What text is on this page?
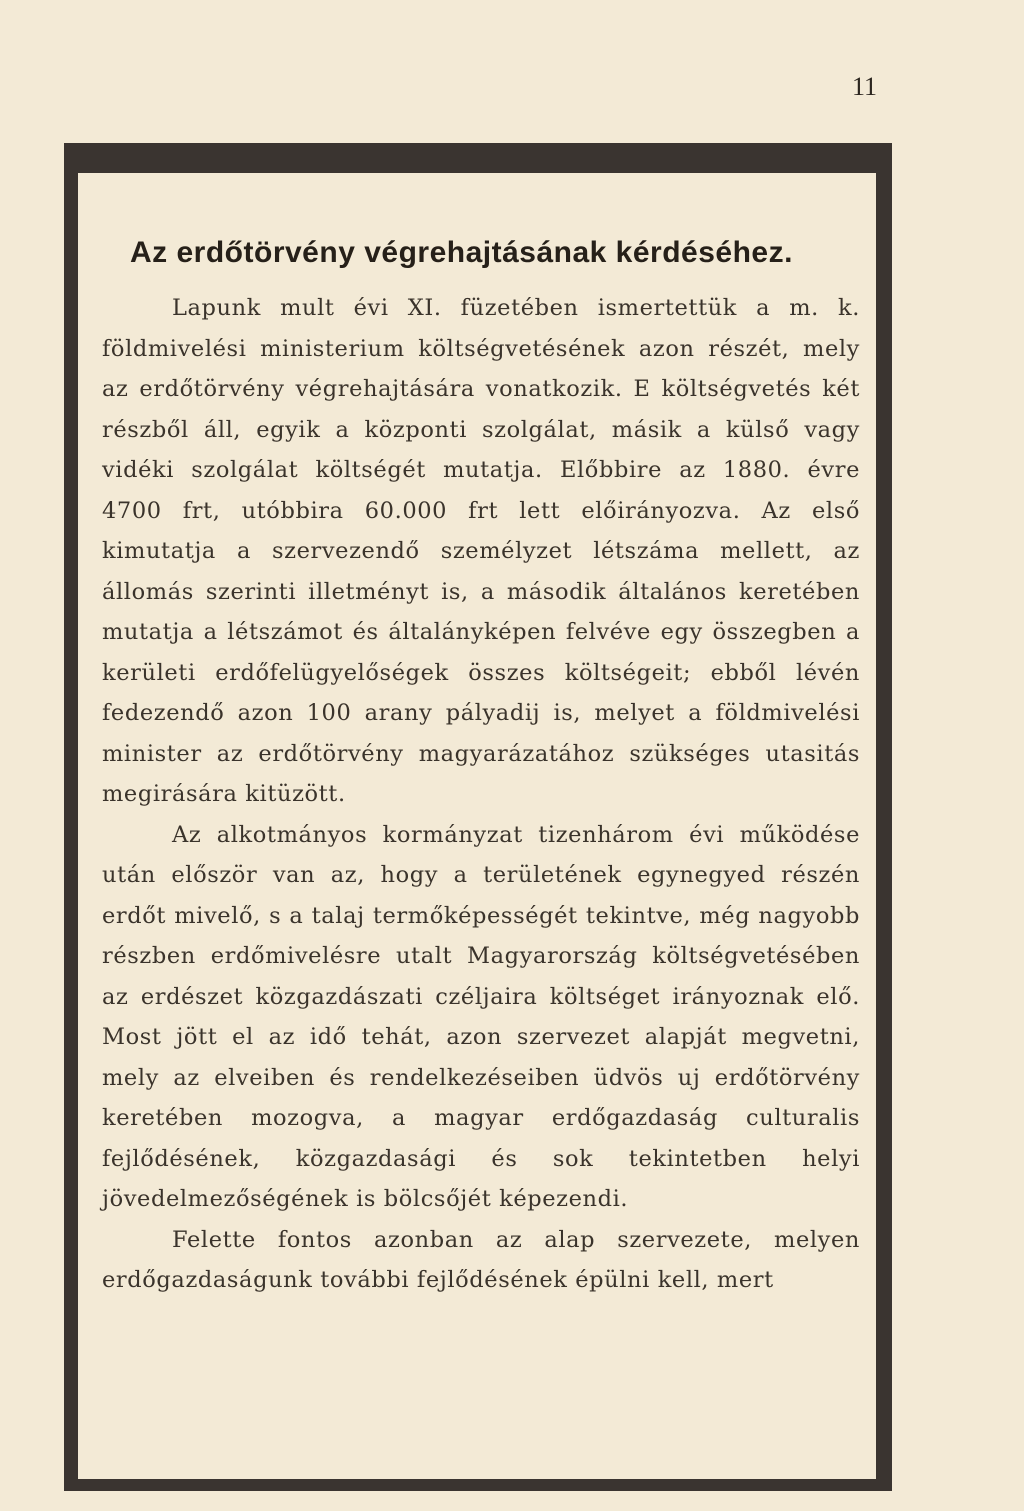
11
Az erdőtörvény végrehajtásának kérdéséhez.

Lapunk mult évi XI. füzetében ismertettük a m. k. földmivelési ministerium költségvetésének azon részét, mely az erdőtörvény végrehajtására vonatkozik. E költségvetés két részből áll, egyik a központi szolgálat, másik a külső vagy vidéki szolgálat költségét mutatja. Előbbire az 1880. évre 4700 frt, utóbbira 60.000 frt lett előirányozva. Az első kimutatja a szervezendő személyzet létszáma mellett, az állomás szerinti illetményt is, a második általános keretében mutatja a létszámot és általányképen felvéve egy összegben a kerületi erdőfelügyelőségek összes költségeit; ebből lévén fedezendő azon 100 arany pályadij is, melyet a földmivelési minister az erdőtörvény magyarázatához szükséges utasitás megirására kitüzött.

Az alkotmányos kormányzat tizenhárom évi működése után először van az, hogy a területének egynegyed részén erdőt mivelő, s a talaj termőképességét tekintve, még nagyobb részben erdőmivelésre utalt Magyarország költségvetésében az erdészet közgazdászati czéljaira költséget irányoznak elő. Most jött el az idő tehát, azon szervezet alapját megvetni, mely az elveiben és rendelkezéseiben üdvös uj erdőtörvény keretében mozogva, a magyar erdőgazdaság culturalis fejlődésének, közgazdasági és sok tekintetben helyi jövedelmezőségének is bölcsőjét képezendi.

Felette fontos azonban az alap szervezete, melyen erdőgazdaságunk további fejlődésének épülni kell, mert
